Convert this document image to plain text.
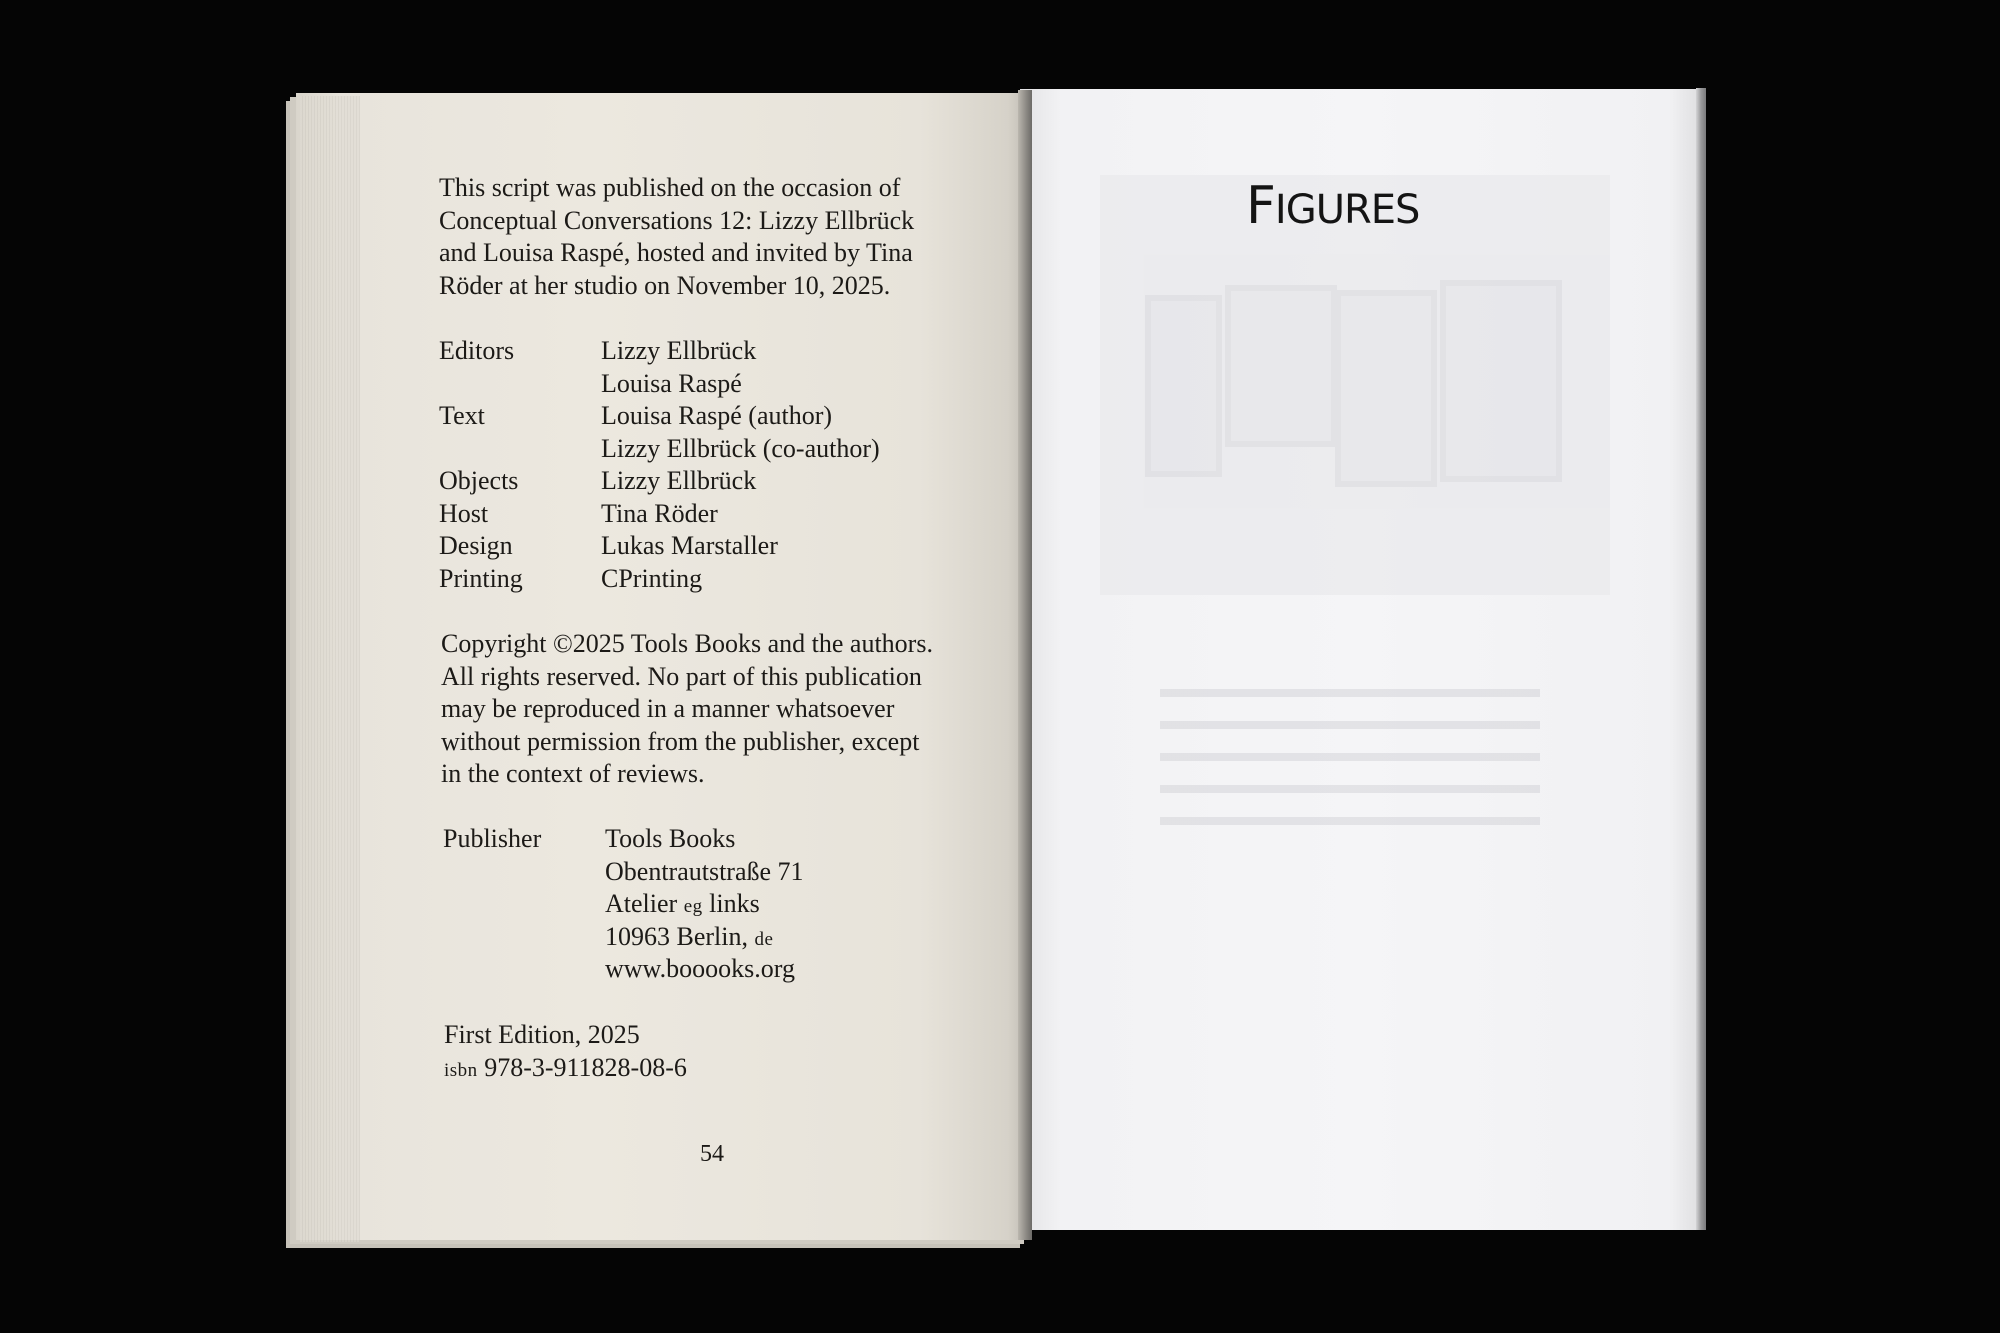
This script was published on the occasion of
Conceptual Conversations 12: Lizzy Ellbrück
and Louisa Raspé, hosted and invited by Tina
Röder at her studio on November 10, 2025.
Editors	Lizzy Ellbrück
Louisa Raspé
Text	Louisa Raspé (author)
Lizzy Ellbrück (co-author)
Objects	Lizzy Ellbrück
Host	Tina Röder
Design	Lukas Marstaller
Printing	CPrinting
Copyright ©2025 Tools Books and the authors.
All rights reserved. No part of this publication
may be reproduced in a manner whatsoever
without permission from the publisher, except
in the context of reviews.
Publisher Tools Books
Obentrautstraße 71
Atelier eg links
10963 Berlin, de
www.booooks.org
First Edition, 2025
isbn 978-3-911828-08-6
54
FIGURES
